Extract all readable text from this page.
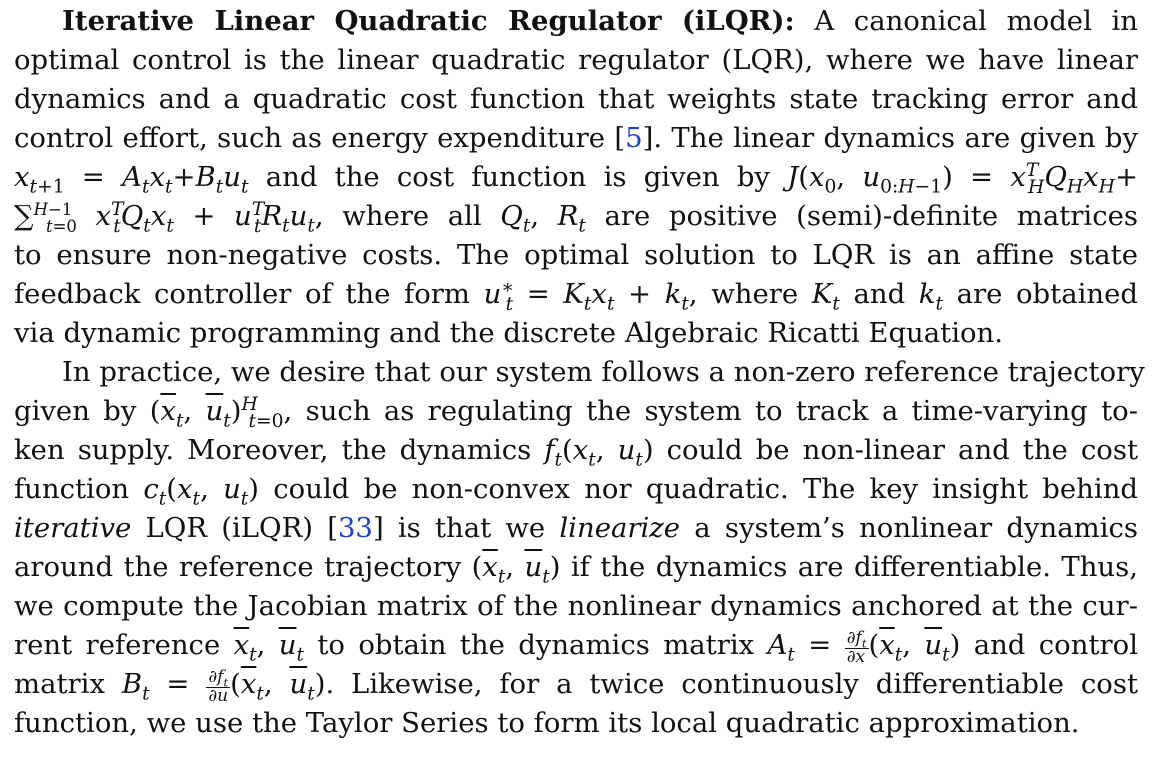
Iterative Linear Quadratic Regulator (iLQR): A canonical model in
optimal control is the linear quadratic regulator (LQR), where we have linear
dynamics and a quadratic cost function that weights state tracking error and
control effort, such as energy expenditure [5]. The linear dynamics are given by
$x_{t+1} = A_tx_t+B_tu_t$ and the cost function is given by $J(x_0$, $u_{0:H-1}) = x^T_HQ_Hx_H+$
∑$^{H-1}_{t=0}$ $x^T_tQ_tx_t + u^T_tR_tu_t$, where all $Q_t$, $R_t$ are positive (semi)-definite matrices
to ensure non-negative costs. The optimal solution to LQR is an affine state
feedback controller of the form $u^∗_t = K_tx_t + k_t$, where $K_t$ and $k_t$ are obtained
via dynamic programming and the discrete Algebraic Ricatti Equation.
In practice, we desire that our system follows a non-zero reference trajectory
given by ($\overline{x}_t$, $\overline{u}_t)^H_{t=0}$, such as regulating the system to track a time-varying to-
ken supply. Moreover, the dynamics $f_t(x_t$, $u_t$) could be non-linear and the cost
function $c_t(x_t$, $u_t$) could be non-convex nor quadratic. The key insight behind
iterative LQR (iLQR) [33] is that we linearize a system’s nonlinear dynamics
around the reference trajectory ($\overline{x}_t$, $\overline{u}_t$) if the dynamics are differentiable. Thus,
we compute the Jacobian matrix of the nonlinear dynamics anchored at the cur-
rent reference $\overline{x}_t$, $\overline{u}_t$ to obtain the dynamics matrix $A_t = \frac{\partial f_t}{\partial x} (\overline{x}_t$, $\overline{u}_t$) and control
matrix $B_t = \frac{\partial f_t}{\partial u} (\overline{x}_t$, $\overline{u}_t$). Likewise, for a twice continuously differentiable cost
function, we use the Taylor Series to form its local quadratic approximation.
